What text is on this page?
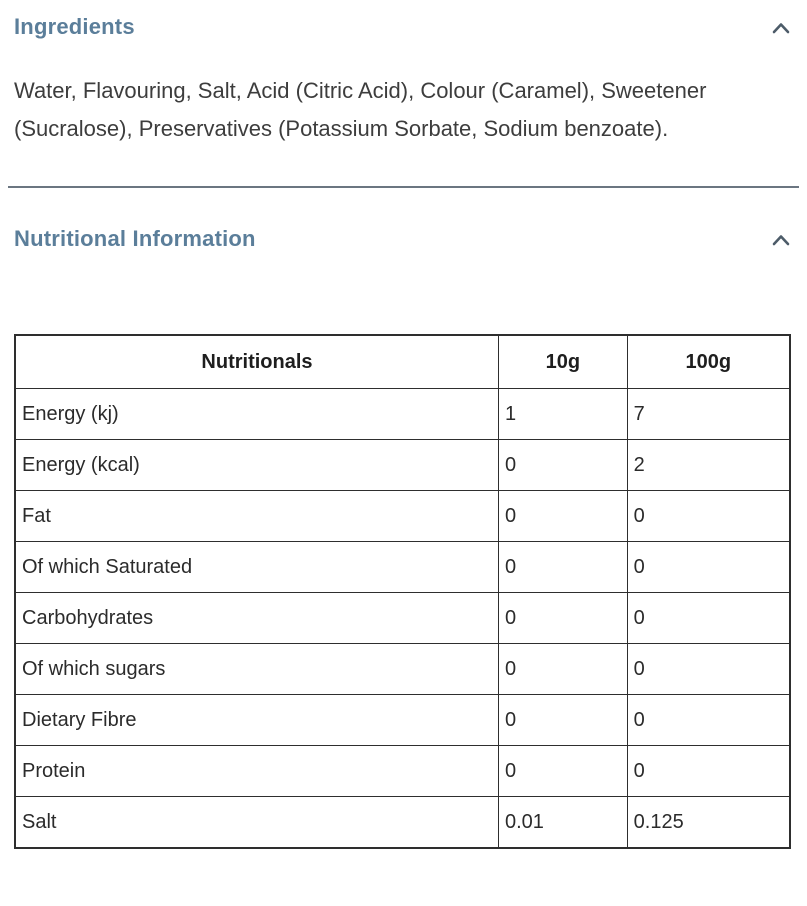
Ingredients

Water, Flavouring, Salt, Acid (Citric Acid), Colour (Caramel), Sweetener (Sucralose), Preservatives (Potassium Sorbate, Sodium benzoate).

Nutritional Information
Nutritionals	10g	100g
Energy (kj)	1	7
Energy (kcal)	0	2
Fat	0	0
Of which Saturated	0	0
Carbohydrates	0	0
Of which sugars	0	0
Dietary Fibre	0	0
Protein	0	0
Salt	0.01	0.125
